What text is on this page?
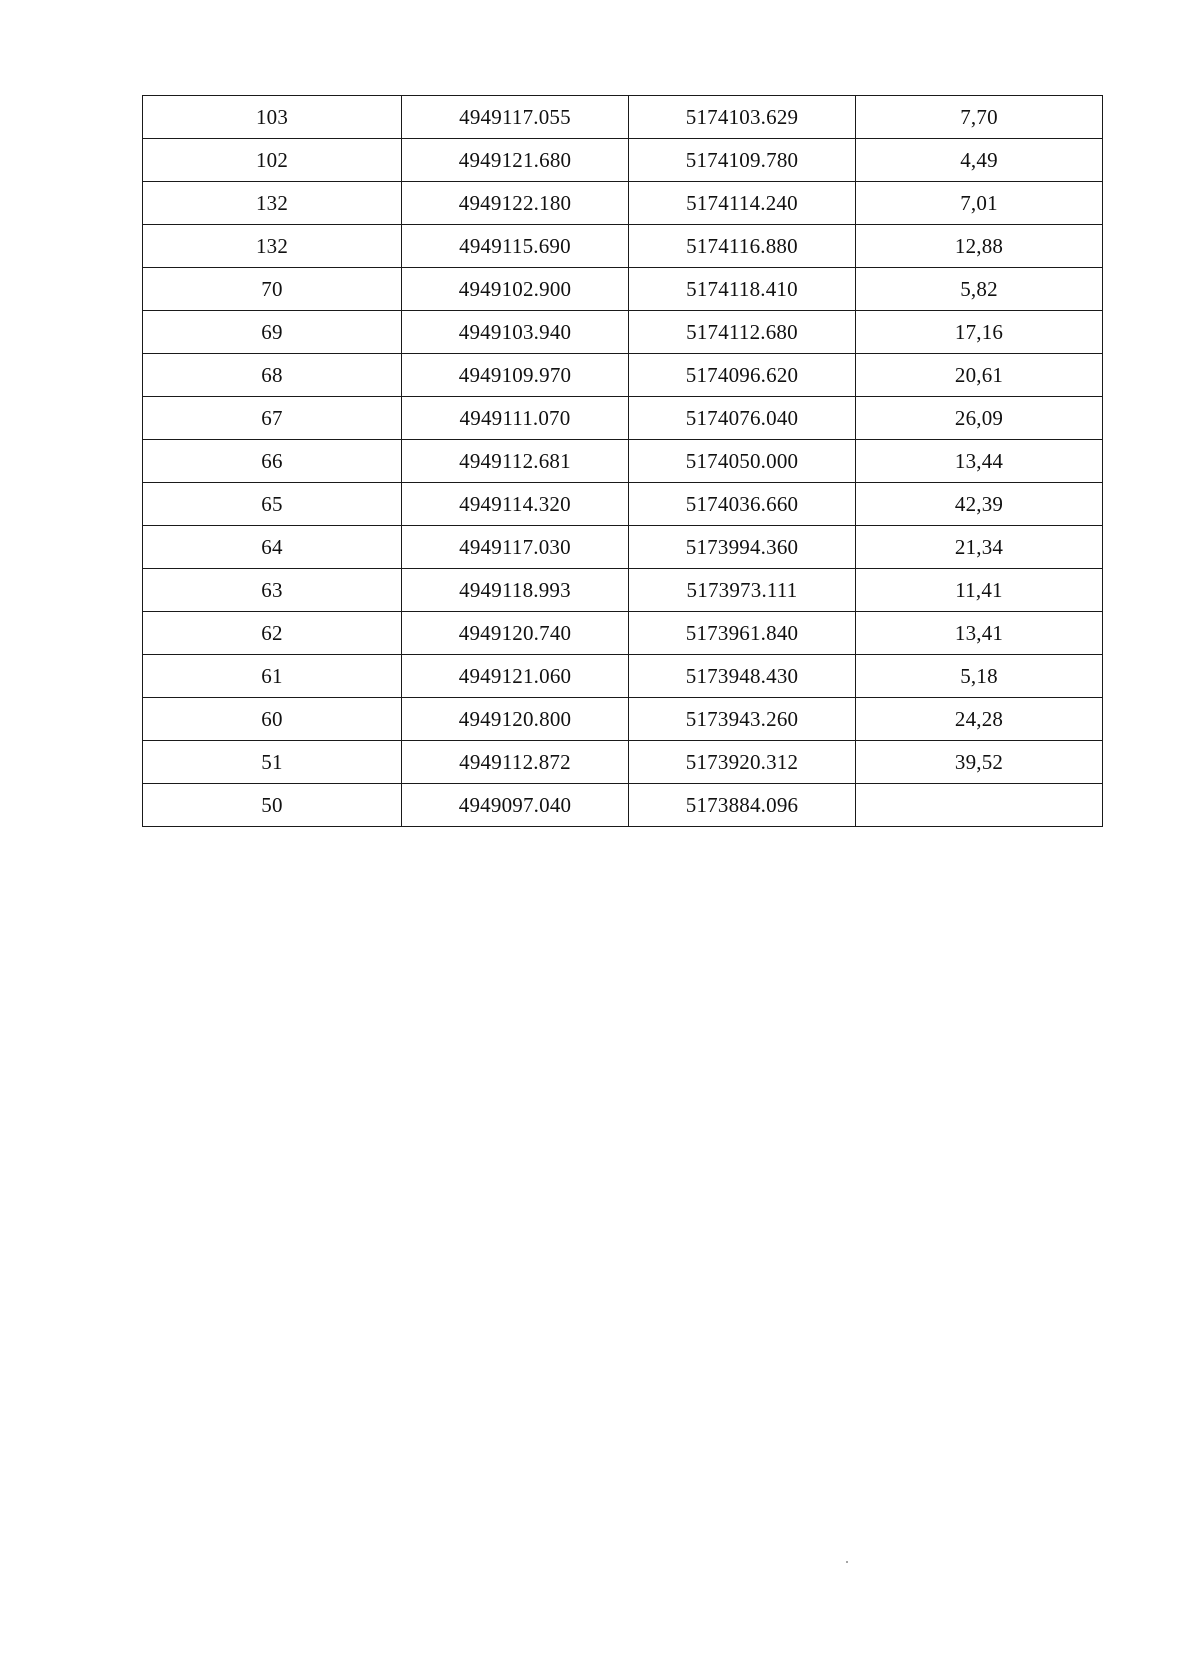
103	4949117.055	5174103.629	7,70
102	4949121.680	5174109.780	4,49
132	4949122.180	5174114.240	7,01
132	4949115.690	5174116.880	12,88
70	4949102.900	5174118.410	5,82
69	4949103.940	5174112.680	17,16
68	4949109.970	5174096.620	20,61
67	4949111.070	5174076.040	26,09
66	4949112.681	5174050.000	13,44
65	4949114.320	5174036.660	42,39
64	4949117.030	5173994.360	21,34
63	4949118.993	5173973.111	11,41
62	4949120.740	5173961.840	13,41
61	4949121.060	5173948.430	5,18
60	4949120.800	5173943.260	24,28
51	4949112.872	5173920.312	39,52
50	4949097.040	5173884.096	
